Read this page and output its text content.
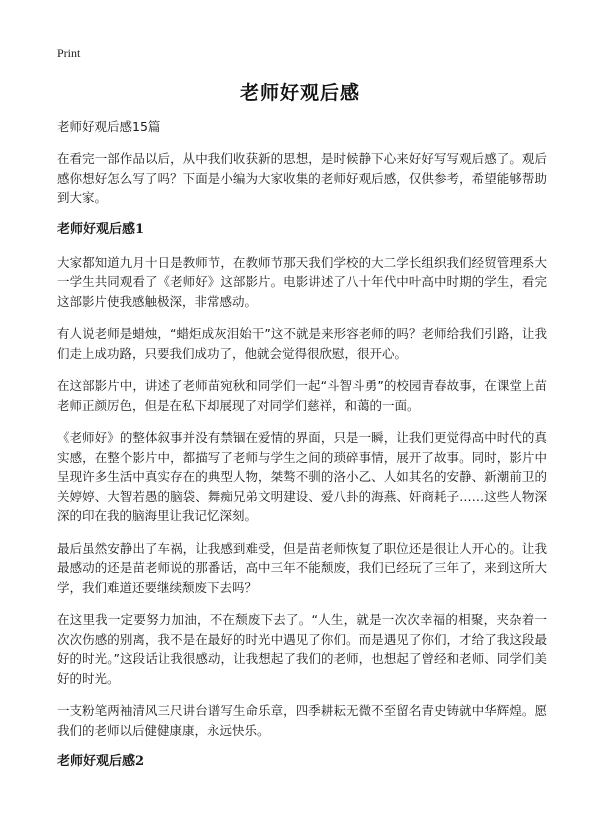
Print
老师好观后感
老师好观后感15篇

在看完一部作品以后，从中我们收获新的思想，是时候静下心来好好写写观后感了。观后感你想好怎么写了吗？下面是小编为大家收集的老师好观后感，仅供参考，希望能够帮助到大家。

老师好观后感1

大家都知道九月十日是教师节，在教师节那天我们学校的大二学长组织我们经贸管理系大一学生共同观看了《老师好》这部影片。电影讲述了八十年代中叶高中时期的学生，看完这部影片使我感触极深，非常感动。

有人说老师是蜡烛，“蜡炬成灰泪始干”这不就是来形容老师的吗？老师给我们引路，让我们走上成功路，只要我们成功了，他就会觉得很欣慰，很开心。

在这部影片中，讲述了老师苗宛秋和同学们一起“斗智斗勇”的校园青春故事，在课堂上苗老师正颜厉色，但是在私下却展现了对同学们慈祥，和蔼的一面。

《老师好》的整体叙事并没有禁锢在爱情的界面，只是一瞬，让我们更觉得高中时代的真实感，在整个影片中，都描写了老师与学生之间的琐碎事情，展开了故事。同时，影片中呈现许多生活中真实存在的典型人物，桀骜不驯的洛小乙、人如其名的安静、新潮前卫的关婷婷、大智若愚的脑袋、舞痴兄弟文明建设、爱八卦的海燕、奸商耗子……这些人物深深的印在我的脑海里让我记忆深刻。

最后虽然安静出了车祸，让我感到难受，但是苗老师恢复了职位还是很让人开心的。让我最感动的还是苗老师说的那番话，高中三年不能颓废，我们已经玩了三年了，来到这所大学，我们难道还要继续颓废下去吗？

在这里我一定要努力加油，不在颓废下去了。“人生，就是一次次幸福的相聚，夹杂着一次次伤感的别离，我不是在最好的时光中遇见了你们。而是遇见了你们，才给了我这段最好的时光。”这段话让我很感动，让我想起了我们的老师，也想起了曾经和老师、同学们美好的时光。

一支粉笔两袖清风三尺讲台谱写生命乐章，四季耕耘无微不至留名青史铸就中华辉煌。愿我们的老师以后健健康康，永远快乐。

老师好观后感2
